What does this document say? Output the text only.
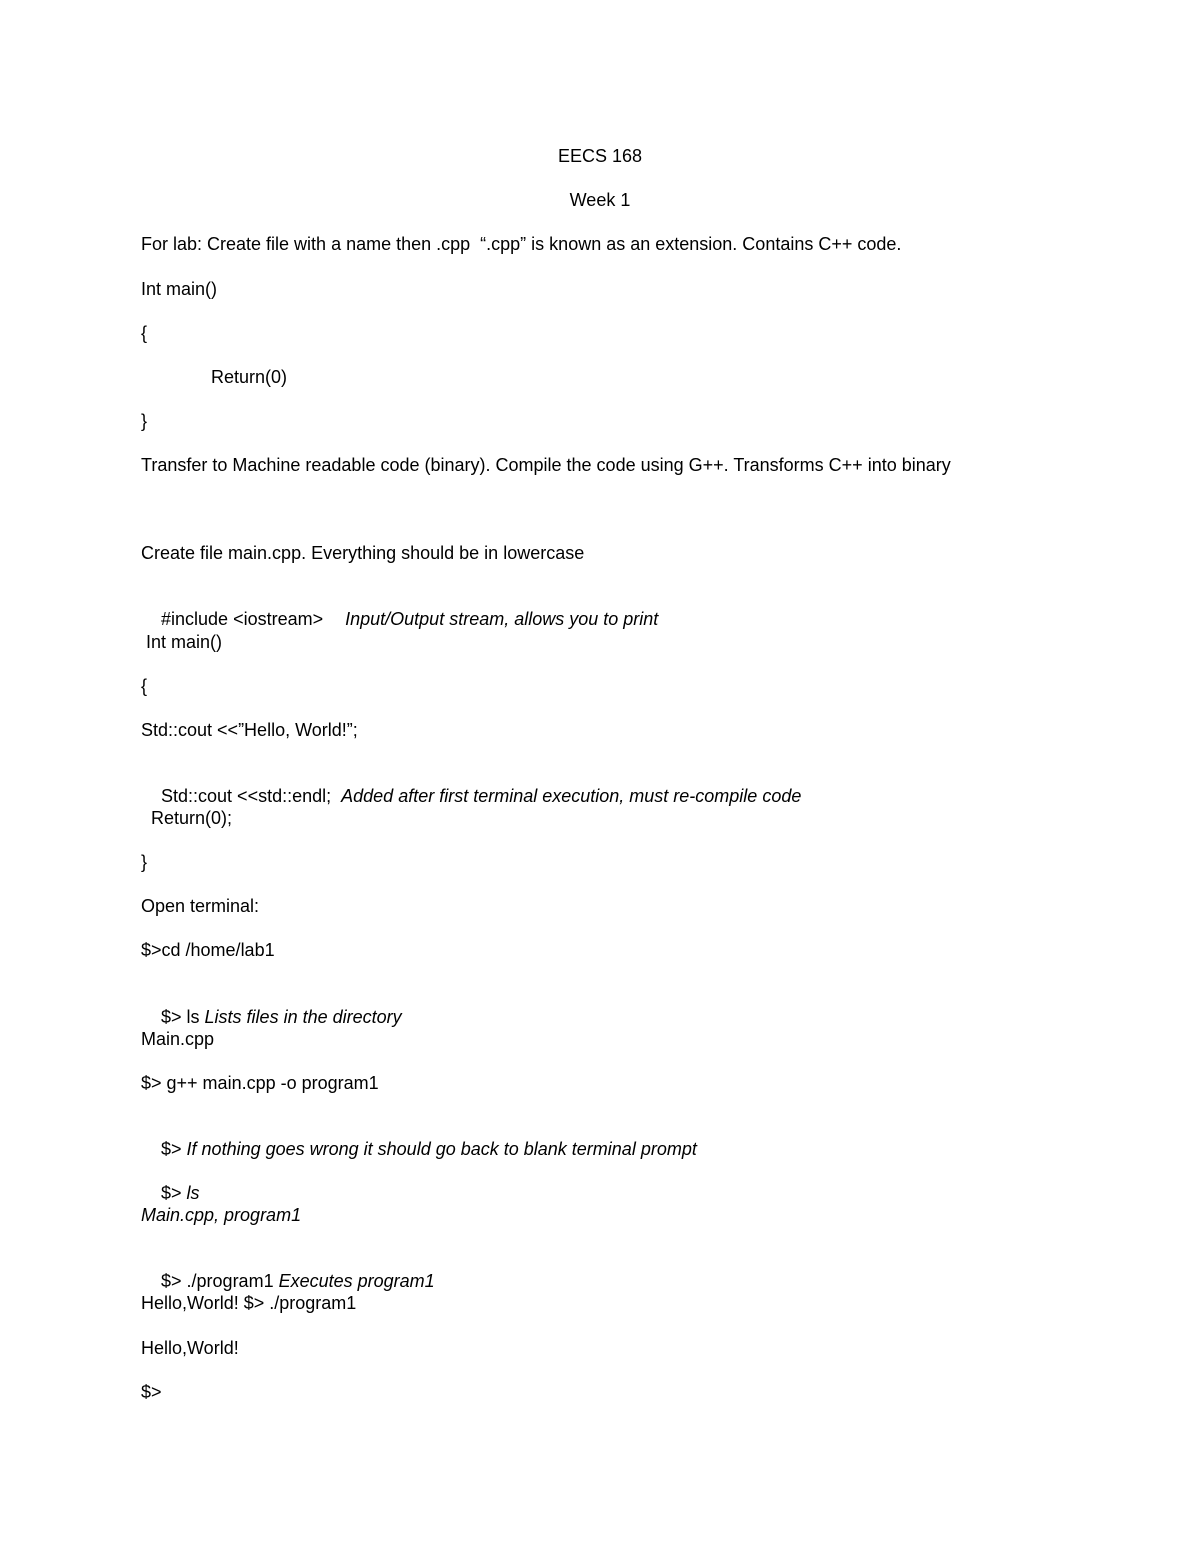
EECS 168
Week 1
For lab: Create file with a name then .cpp  “.cpp” is known as an extension. Contains C++ code.
Int main()
{
Return(0)
}
Transfer to Machine readable code (binary). Compile the code using G++. Transforms C++ into binary
Create file main.cpp. Everything should be in lowercase

#include <iostream> Input/Output stream, allows you to print

Int main()
{
Std::cout <<”Hello, World!”;

Std::cout <<std::endl; Added after first terminal execution, must re-compile code

Return(0);
}
Open terminal:
$>cd /home/lab1

$> ls Lists files in the directory

Main.cpp
$> g++ main.cpp -o program1

$> If nothing goes wrong it should go back to blank terminal prompt

$> ls

Main.cpp, program1

$> ./program1 Executes program1

Hello,World! $> ./program1
Hello,World!
$>
